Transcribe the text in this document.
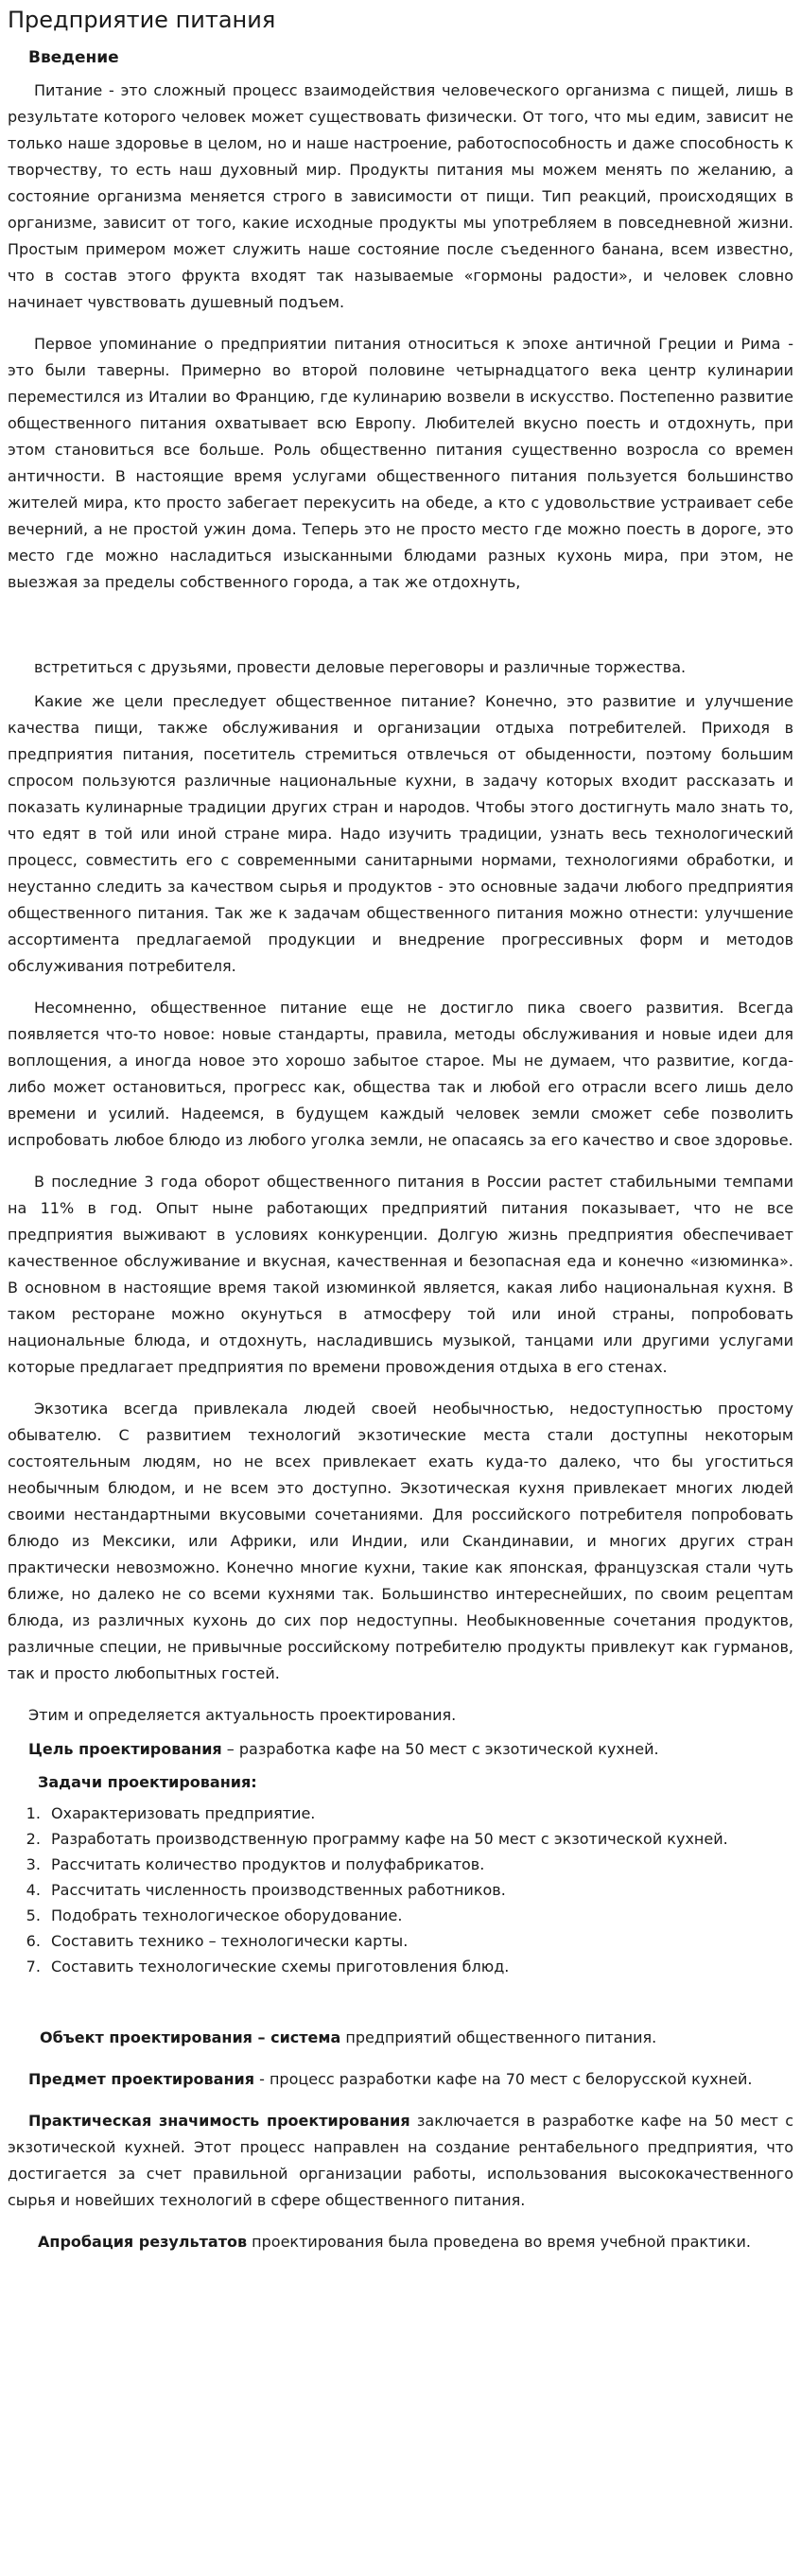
Предприятие питания
Введение

Питание - это сложный процесс взаимодействия человеческого организма с пищей, лишь в результате которого человек может существовать физически. От того, что мы едим, зависит не только наше здоровье в целом, но и наше настроение, работоспособность и даже способность к творчеству, то есть наш духовный мир. Продукты питания мы можем менять по желанию, а состояние организма меняется строго в зависимости от пищи. Тип реакций, происходящих в организме, зависит от того, какие исходные продукты мы употребляем в повседневной жизни. Простым примером может служить наше состояние после съеденного банана, всем известно, что в состав этого фрукта входят так называемые «гормоны радости», и человек словно начинает чувствовать душевный подъем.

Первое упоминание о предприятии питания относиться к эпохе античной Греции и Рима - это были таверны. Примерно во второй половине четырнадцатого века центр кулинарии переместился из Италии во Францию, где кулинарию возвели в искусство. Постепенно развитие общественного питания охватывает всю Европу. Любителей вкусно поесть и отдохнуть, при этом становиться все больше. Роль общественно питания существенно возросла со времен античности. В настоящие время услугами общественного питания пользуется большинство жителей мира, кто просто забегает перекусить на обеде, а кто с удовольствие устраивает себе вечерний, а не простой ужин дома. Теперь это не просто место где можно поесть в дороге, это место где можно насладиться изысканными блюдами разных кухонь мира, при этом, не выезжая за пределы собственного города, а так же отдохнуть,

встретиться с друзьями, провести деловые переговоры и различные торжества.

Какие же цели преследует общественное питание? Конечно, это развитие и улучшение качества пищи, также обслуживания и организации отдыха потребителей. Приходя в предприятия питания, посетитель стремиться отвлечься от обыденности, поэтому большим спросом пользуются различные национальные кухни, в задачу которых входит рассказать и показать кулинарные традиции других стран и народов. Чтобы этого достигнуть мало знать то, что едят в той или иной стране мира. Надо изучить традиции, узнать весь технологический процесс, совместить его с современными санитарными нормами, технологиями обработки, и неустанно следить за качеством сырья и продуктов - это основные задачи любого предприятия общественного питания. Так же к задачам общественного питания можно отнести: улучшение ассортимента предлагаемой продукции и внедрение прогрессивных форм и методов обслуживания потребителя.

Несомненно, общественное питание еще не достигло пика своего развития. Всегда появляется что-то новое: новые стандарты, правила, методы обслуживания и новые идеи для воплощения, а иногда новое это хорошо забытое старое. Мы не думаем, что развитие, когда-либо может остановиться, прогресс как, общества так и любой его отрасли всего лишь дело времени и усилий. Надеемся, в будущем каждый человек земли сможет себе позволить испробовать любое блюдо из любого уголка земли, не опасаясь за его качество и свое здоровье.

В последние 3 года оборот общественного питания в России растет стабильными темпами на 11% в год. Опыт ныне работающих предприятий питания показывает, что не все предприятия выживают в условиях конкуренции. Долгую жизнь предприятия обеспечивает качественное обслуживание и вкусная, качественная и безопасная еда и конечно «изюминка». В основном в настоящие время такой изюминкой является, какая либо национальная кухня. В таком ресторане можно окунуться в атмосферу той или иной страны, попробовать национальные блюда, и отдохнуть, насладившись музыкой, танцами или другими услугами которые предлагает предприятия по времени провождения отдыха в его стенах.

Экзотика всегда привлекала людей своей необычностью, недоступностью простому обывателю. С развитием технологий экзотические места стали доступны некоторым состоятельным людям, но не всех привлекает ехать куда-то далеко, что бы угоститься необычным блюдом, и не всем это доступно. Экзотическая кухня привлекает многих людей своими нестандартными вкусовыми сочетаниями. Для российского потребителя попробовать блюдо из Мексики, или Африки, или Индии, или Скандинавии, и многих других стран практически невозможно. Конечно многие кухни, такие как японская, французская стали чуть ближе, но далеко не со всеми кухнями так. Большинство интереснейших, по своим рецептам блюда, из различных кухонь до сих пор недоступны. Необыкновенные сочетания продуктов, различные специи, не привычные российскому потребителю продукты привлекут как гурманов, так и просто любопытных гостей.

Этим и определяется актуальность проектирования.
Цель проектирования – разработка кафе на 50 мест с экзотической кухней.
Задачи проектирования:
1. Охарактеризовать предприятие.
2. Разработать производственную программу кафе на 50 мест с экзотической кухней.
3. Рассчитать количество продуктов и полуфабрикатов.
4. Рассчитать численность производственных работников.
5. Подобрать технологическое оборудование.
6. Составить технико – технологически карты.
7. Составить технологические схемы приготовления блюд.

Объект проектирования – система предприятий общественного питания.

Предмет проектирования - процесс разработки кафе на 70 мест с белорусской кухней.

Практическая значимость проектирования заключается в разработке кафе на 50 мест с экзотической кухней. Этот процесс направлен на создание рентабельного предприятия, что достигается за счет правильной организации работы, использования высококачественного сырья и новейших технологий в сфере общественного питания.

Апробация результатов проектирования была проведена во время учебной практики.
